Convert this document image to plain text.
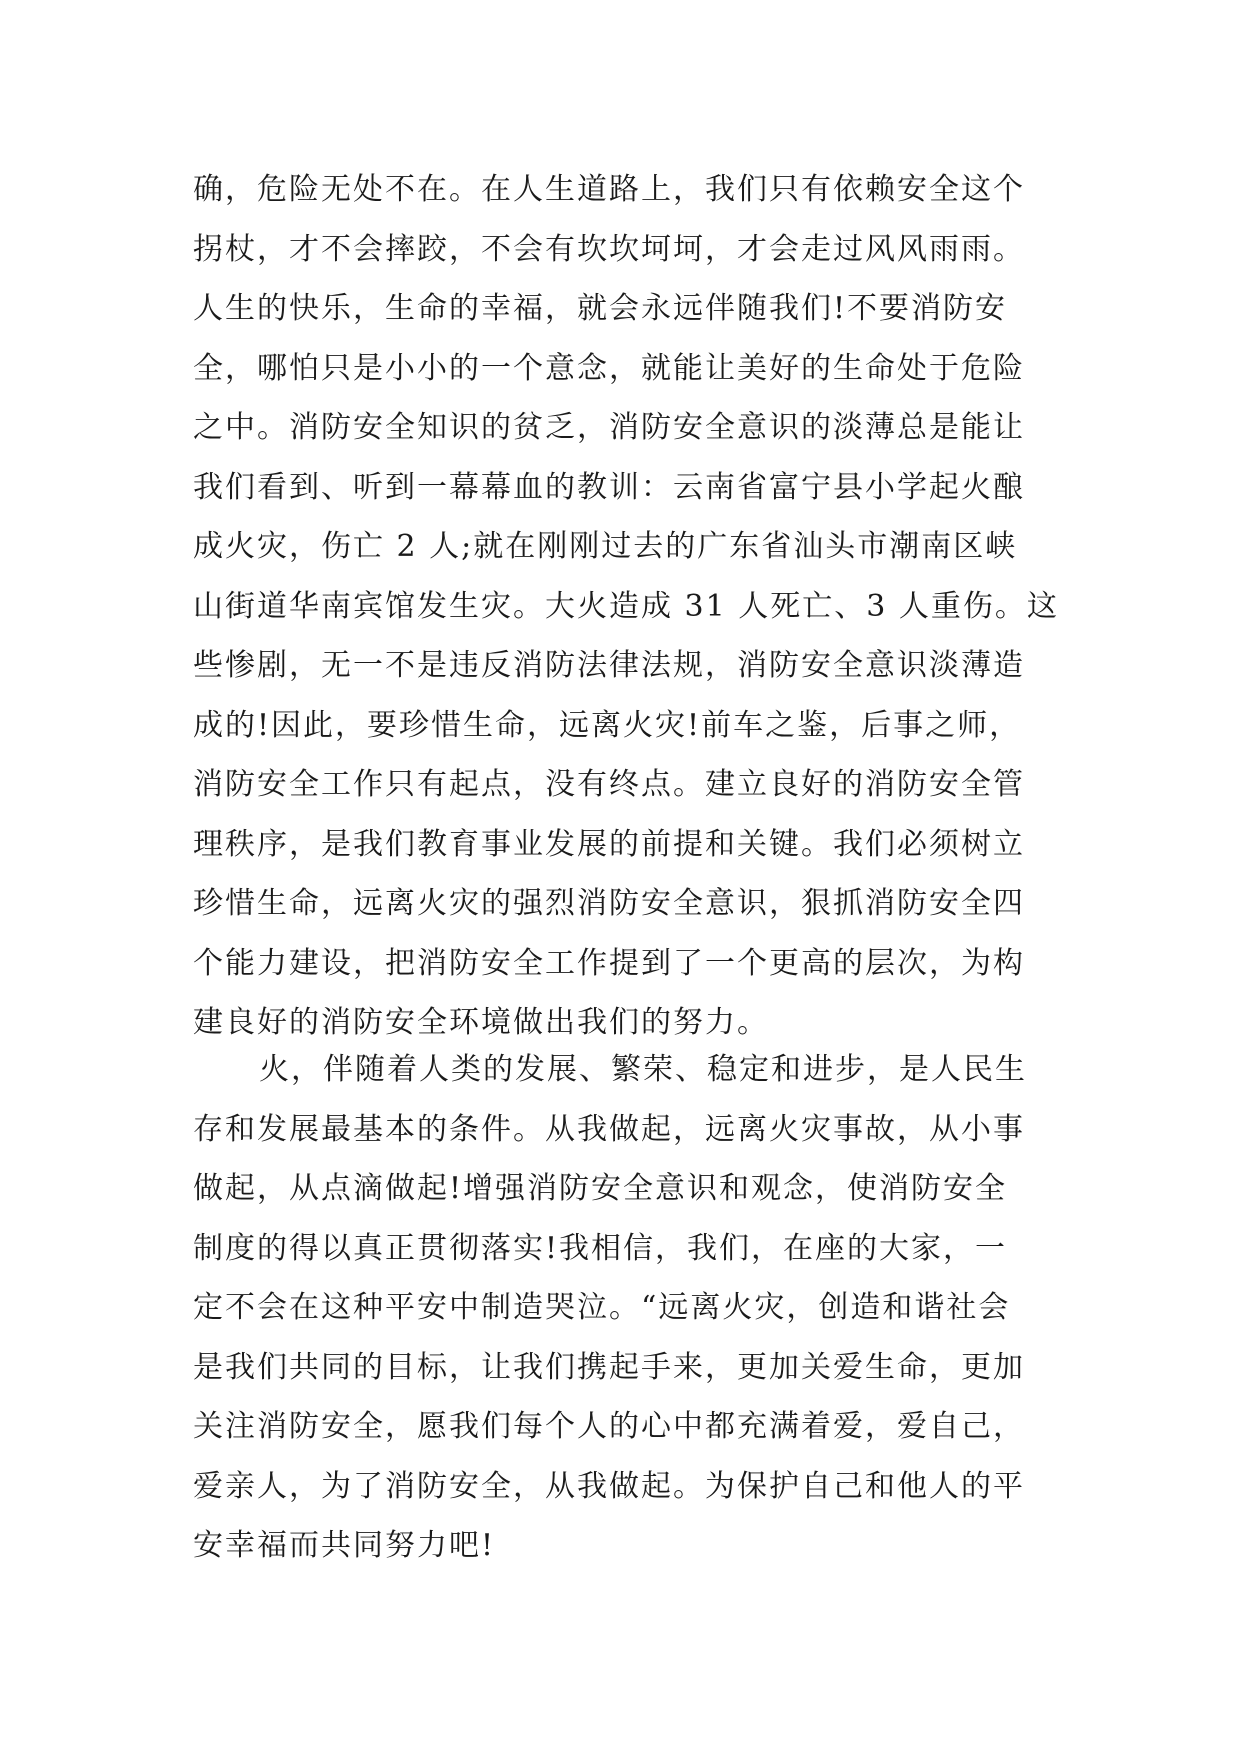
确，危险无处不在。在人生道路上，我们只有依赖安全这个
拐杖，才不会摔跤，不会有坎坎坷坷，才会走过风风雨雨。
人生的快乐，生命的幸福，就会永远伴随我们!不要消防安
全，哪怕只是小小的一个意念，就能让美好的生命处于危险
之中。消防安全知识的贫乏，消防安全意识的淡薄总是能让
我们看到、听到一幕幕血的教训：云南省富宁县小学起火酿
成火灾，伤亡 2 人;就在刚刚过去的广东省汕头市潮南区峡
山街道华南宾馆发生灾。大火造成 31 人死亡、3 人重伤。这
些惨剧，无一不是违反消防法律法规，消防安全意识淡薄造
成的!因此，要珍惜生命，远离火灾!前车之鉴，后事之师，
消防安全工作只有起点，没有终点。建立良好的消防安全管
理秩序，是我们教育事业发展的前提和关键。我们必须树立
珍惜生命，远离火灾的强烈消防安全意识，狠抓消防安全四
个能力建设，把消防安全工作提到了一个更高的层次，为构
建良好的消防安全环境做出我们的努力。
火，伴随着人类的发展、繁荣、稳定和进步，是人民生
存和发展最基本的条件。从我做起，远离火灾事故，从小事
做起，从点滴做起!增强消防安全意识和观念，使消防安全
制度的得以真正贯彻落实!我相信，我们，在座的大家，一
定不会在这种平安中制造哭泣。“远离火灾，创造和谐社会
是我们共同的目标，让我们携起手来，更加关爱生命，更加
关注消防安全，愿我们每个人的心中都充满着爱，爱自己，
爱亲人，为了消防安全，从我做起。为保护自己和他人的平
安幸福而共同努力吧!
